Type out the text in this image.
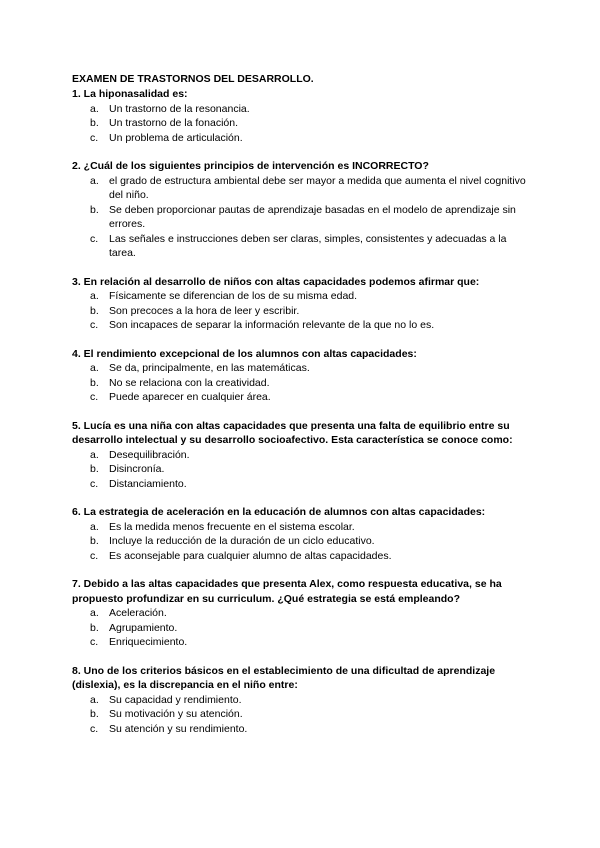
EXAMEN DE TRASTORNOS DEL DESARROLLO.
1. La hiponasalidad es:
a. Un trastorno de la resonancia.
b. Un trastorno de la fonación.
c.	Un problema de articulación.
2. ¿Cuál de los siguientes principios de intervención es INCORRECTO?
a. el grado de estructura ambiental debe ser mayor a medida que aumenta el nivel cognitivo del niño.
b. Se deben proporcionar pautas de aprendizaje basadas en el modelo de aprendizaje sin errores.
c.	Las señales e instrucciones deben ser claras, simples, consistentes y adecuadas a la tarea.
3. En relación al desarrollo de niños con altas capacidades podemos afirmar que:
a. Físicamente se diferencian de los de su misma edad.
b. Son precoces a la hora de leer y escribir.
c.	Son incapaces de separar la información relevante de la que no lo es.
4. El rendimiento excepcional de los alumnos con altas capacidades:
a. Se da, principalmente, en las matemáticas.
b. No se relaciona con la creatividad.
c.	Puede aparecer en cualquier área.
5. Lucía es una niña con altas capacidades que presenta una falta de equilibrio entre su desarrollo intelectual y su desarrollo socioafectivo. Esta característica se conoce como:
a. Desequilibración.
b. Disincronía.
c.	Distanciamiento.
6. La estrategia de aceleración en la educación de alumnos con altas capacidades:
a. Es la medida menos frecuente en el sistema escolar.
b. Incluye la reducción de la duración de un ciclo educativo.
c.	Es aconsejable para cualquier alumno de altas capacidades.
7. Debido a las altas capacidades que presenta Alex, como respuesta educativa, se ha propuesto profundizar en su curriculum. ¿Qué estrategia se está empleando?
a. Aceleración.
b. Agrupamiento.
c.	Enriquecimiento.
8. Uno de los criterios básicos en el establecimiento de una dificultad de aprendizaje (dislexia), es la discrepancia en el niño entre:
a. Su capacidad y rendimiento.
b. Su motivación y su atención.
c.	Su atención y su rendimiento.
